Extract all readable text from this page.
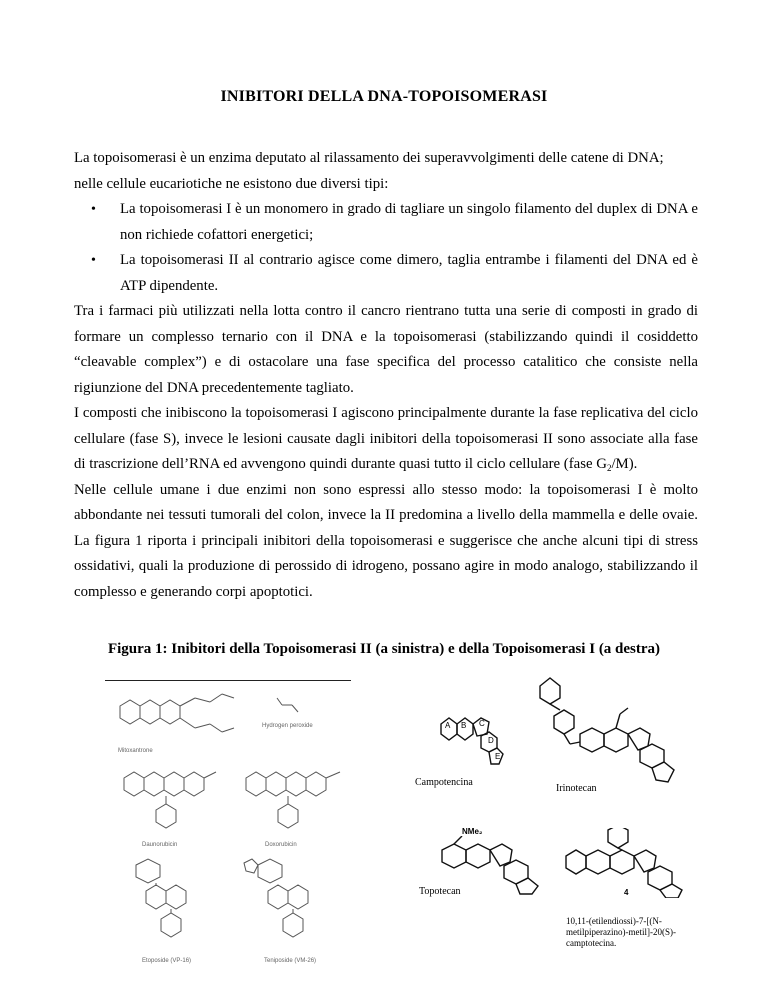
INIBITORI DELLA DNA-TOPOISOMERASI

La topoisomerasi è un enzima deputato al rilassamento dei superavvolgimenti delle catene di DNA;

nelle cellule eucariotiche ne esistono due diversi tipi:

• La topoisomerasi I è un monomero in grado di tagliare un singolo filamento del duplex di DNA e non richiede cofattori energetici;
• La topoisomerasi II al contrario agisce come dimero, taglia entrambe i filamenti del DNA ed è ATP dipendente.

Tra i farmaci più utilizzati nella lotta contro il cancro rientrano tutta una serie di composti in grado di formare un complesso ternario con il DNA e la topoisomerasi (stabilizzando quindi il cosiddetto “cleavable complex”) e di ostacolare una fase specifica del processo catalitico che consiste nella rigiunzione del DNA precedentemente tagliato.

I composti che inibiscono la topoisomerasi I agiscono principalmente durante la fase replicativa del ciclo cellulare (fase S), invece le lesioni causate dagli inibitori della topoisomerasi II sono associate alla fase di trascrizione dell’RNA ed avvengono quindi durante quasi tutto il ciclo cellulare (fase $G_2/M$).

Nelle cellule umane i due enzimi non sono espressi allo stesso modo: la topoisomerasi I è molto abbondante nei tessuti tumorali del colon, invece la II predomina a livello della mammella e delle ovaie. La figura 1 riporta i principali inibitori della topoisomerasi e suggerisce che anche alcuni tipi di stress ossidativi, quali la produzione di perossido di idrogeno, possano agire in modo analogo, stabilizzando il complesso e generando corpi apoptotici.

Figura 1: Inibitori della Topoisomerasi II (a sinistra) e della Topoisomerasi I (a destra)
Mitoxantrone
Hydrogen peroxide
Daunorubicin	Doxorubicin
Etoposide (VP-16)	Teniposide (VM-26)
A B C
D
E
Campotencina
Irinotecan
NMe₂
Topotecan	4
10,11-(etilendiossi)-7-[(N-
metilpiperazino)-metil]-20(S)-
camptotecina.
